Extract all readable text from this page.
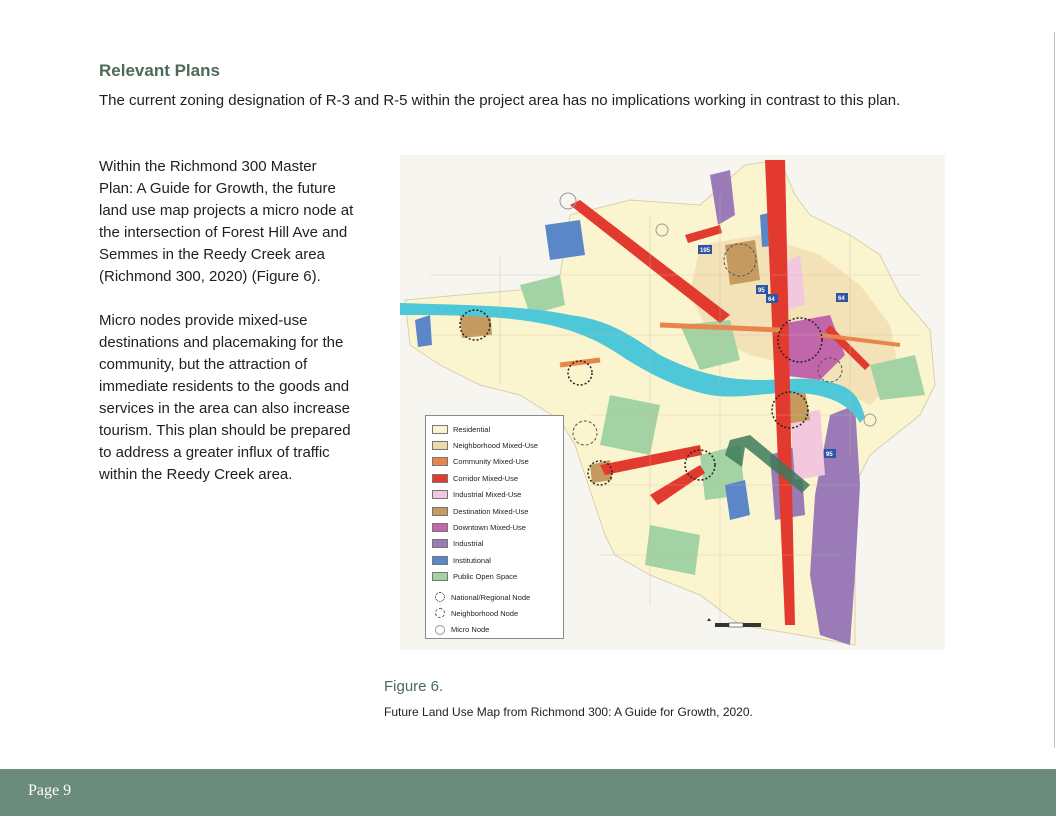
Relevant Plans

The current zoning designation of R-3 and R-5 within the project area has no implications working in contrast to this plan.

Within the Richmond 300 Master Plan: A Guide for Growth, the future land use map projects a micro node at the intersection of Forest Hill Ave and Semmes in the Reedy Creek area (Richmond 300, 2020) (Figure 6).

Micro nodes provide mixed-use destinations and placemaking for the community, but the attraction of immediate residents to the goods and services in the area can also increase tourism. This plan should be prepared to address a greater influx of traffic within the Reedy Creek area.

195
95
64	64
95
Residential
Neighborhood Mixed-Use
Community Mixed-Use
Corridor Mixed-Use
Industrial Mixed-Use
Destination Mixed-Use
Downtown Mixed-Use
Industrial
Institutional
Public Open Space
National/Regional Node
Neighborhood Node
Micro Node
Figure 6.
Future Land Use Map from Richmond 300: A Guide for Growth, 2020.
Page 9
